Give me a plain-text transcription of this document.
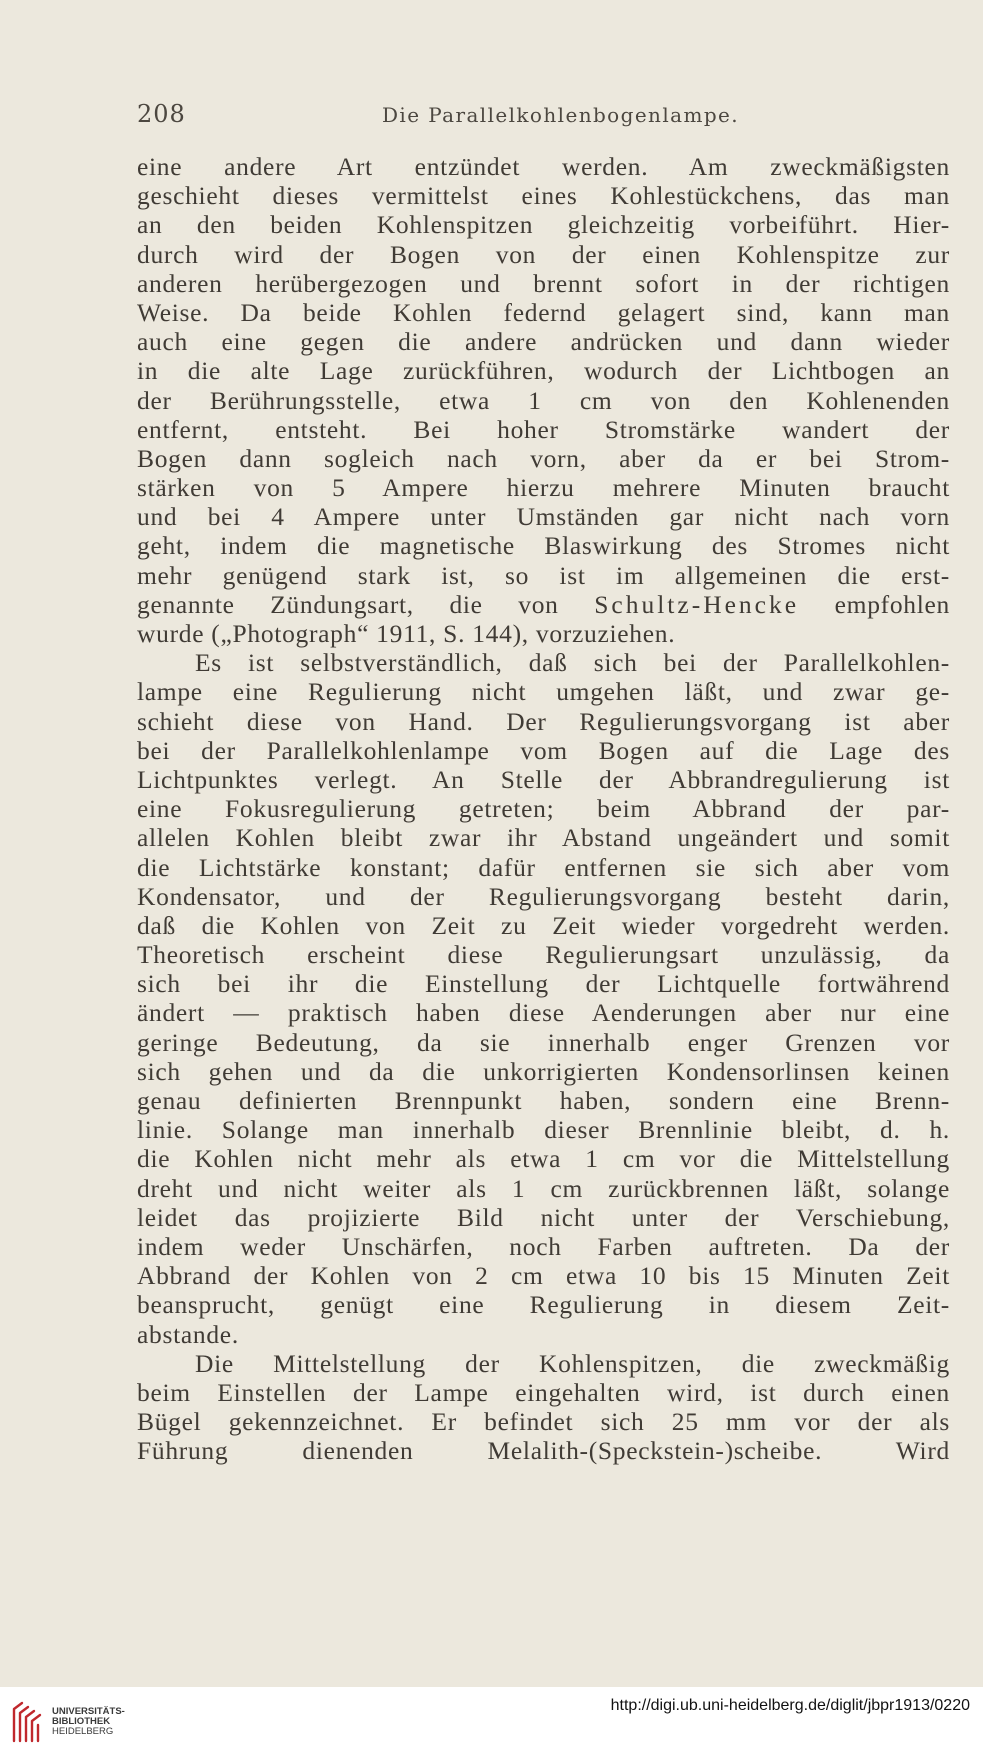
208	Die Parallelkohlenbogenlampe.
eine andere Art entzündet werden. Am zweckmäßigsten
geschieht dieses vermittelst eines Kohlestückchens, das man
an den beiden Kohlenspitzen gleichzeitig vorbeiführt. Hier-
durch wird der Bogen von der einen Kohlenspitze zur
anderen herübergezogen und brennt sofort in der richtigen
Weise. Da beide Kohlen federnd gelagert sind, kann man
auch eine gegen die andere andrücken und dann wieder
in die alte Lage zurückführen, wodurch der Lichtbogen an
der Berührungsstelle, etwa 1 cm von den Kohlenenden
entfernt, entsteht. Bei hoher Stromstärke wandert der
Bogen dann sogleich nach vorn, aber da er bei Strom-
stärken von 5 Ampere hierzu mehrere Minuten braucht
und bei 4 Ampere unter Umständen gar nicht nach vorn
geht, indem die magnetische Blaswirkung des Stromes nicht
mehr genügend stark ist, so ist im allgemeinen die erst-
genannte Zündungsart, die von Schultz-Hencke empfohlen
wurde („Photograph“ 1911, S. 144), vorzuziehen.
Es ist selbstverständlich, daß sich bei der Parallelkohlen-
lampe eine Regulierung nicht umgehen läßt, und zwar ge-
schieht diese von Hand. Der Regulierungsvorgang ist aber
bei der Parallelkohlenlampe vom Bogen auf die Lage des
Lichtpunktes verlegt. An Stelle der Abbrandregulierung ist
eine Fokusregulierung getreten; beim Abbrand der par-
allelen Kohlen bleibt zwar ihr Abstand ungeändert und somit
die Lichtstärke konstant; dafür entfernen sie sich aber vom
Kondensator, und der Regulierungsvorgang besteht darin,
daß die Kohlen von Zeit zu Zeit wieder vorgedreht werden.
Theoretisch erscheint diese Regulierungsart unzulässig, da
sich bei ihr die Einstellung der Lichtquelle fortwährend
ändert — praktisch haben diese Aenderungen aber nur eine
geringe Bedeutung, da sie innerhalb enger Grenzen vor
sich gehen und da die unkorrigierten Kondensorlinsen keinen
genau definierten Brennpunkt haben, sondern eine Brenn-
linie. Solange man innerhalb dieser Brennlinie bleibt, d. h.
die Kohlen nicht mehr als etwa 1 cm vor die Mittelstellung
dreht und nicht weiter als 1 cm zurückbrennen läßt, solange
leidet das projizierte Bild nicht unter der Verschiebung,
indem weder Unschärfen, noch Farben auftreten. Da der
Abbrand der Kohlen von 2 cm etwa 10 bis 15 Minuten Zeit
beansprucht, genügt eine Regulierung in diesem Zeit-
abstande.
Die Mittelstellung der Kohlenspitzen, die zweckmäßig
beim Einstellen der Lampe eingehalten wird, ist durch einen
Bügel gekennzeichnet. Er befindet sich 25 mm vor der als
Führung dienenden Melalith-(Speckstein-)scheibe. Wird
UNIVERSITÄTS-
BIBLIOTHEK
HEIDELBERG
http://digi.ub.uni-heidelberg.de/diglit/jbpr1913/0220
